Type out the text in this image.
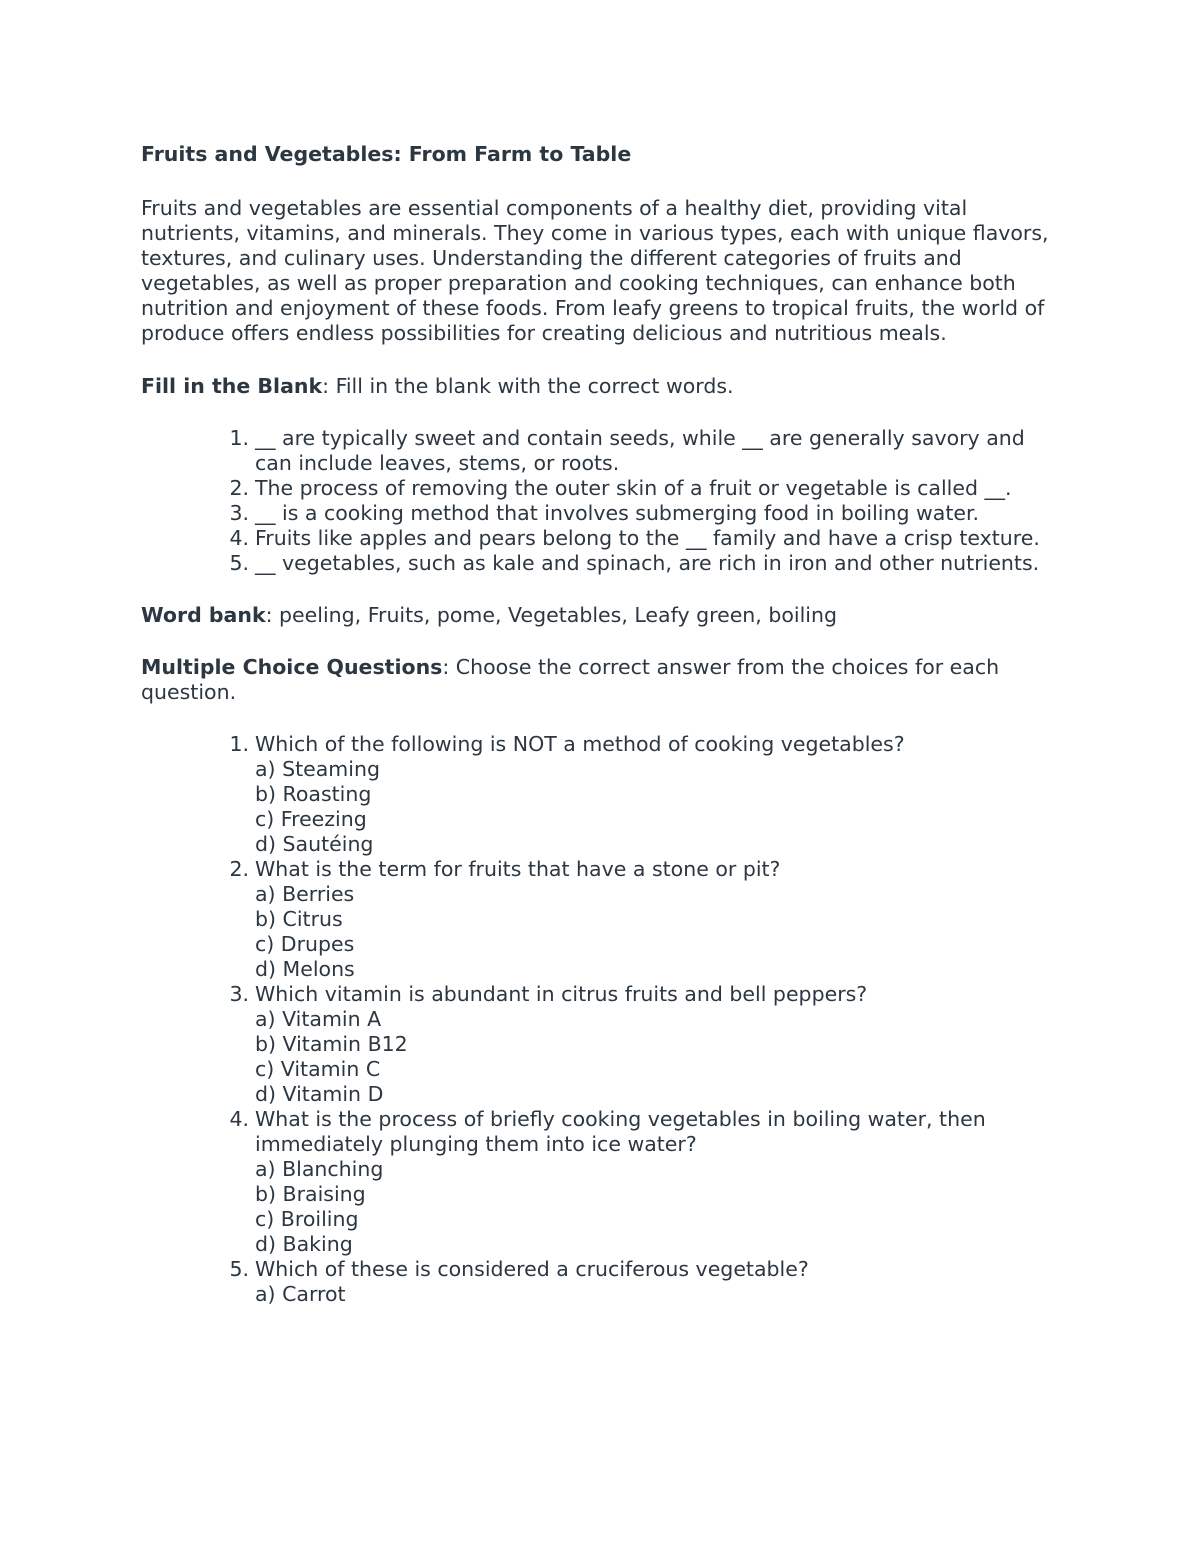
Fruits and Vegetables: From Farm to Table
Fruits and vegetables are essential components of a healthy diet, providing vital nutrients, vitamins, and minerals. They come in various types, each with unique flavors, textures, and culinary uses. Understanding the different categories of fruits and vegetables, as well as proper preparation and cooking techniques, can enhance both nutrition and enjoyment of these foods. From leafy greens to tropical fruits, the world of produce offers endless possibilities for creating delicious and nutritious meals.
Fill in the Blank: Fill in the blank with the correct words.
1. __ are typically sweet and contain seeds, while __ are generally savory and can include leaves, stems, or roots.
2. The process of removing the outer skin of a fruit or vegetable is called __.
3. __ is a cooking method that involves submerging food in boiling water.
4. Fruits like apples and pears belong to the __ family and have a crisp texture.
5. __ vegetables, such as kale and spinach, are rich in iron and other nutrients.
Word bank: peeling, Fruits, pome, Vegetables, Leafy green, boiling
Multiple Choice Questions: Choose the correct answer from the choices for each question.
1. Which of the following is NOT a method of cooking vegetables?
a) Steaming
b) Roasting
c) Freezing
d) Sautéing
2. What is the term for fruits that have a stone or pit?
a) Berries
b) Citrus
c) Drupes
d) Melons
3. Which vitamin is abundant in citrus fruits and bell peppers?
a) Vitamin A
b) Vitamin B12
c) Vitamin C
d) Vitamin D
4. What is the process of briefly cooking vegetables in boiling water, then immediately plunging them into ice water?
a) Blanching
b) Braising
c) Broiling
d) Baking
5. Which of these is considered a cruciferous vegetable?
a) Carrot
